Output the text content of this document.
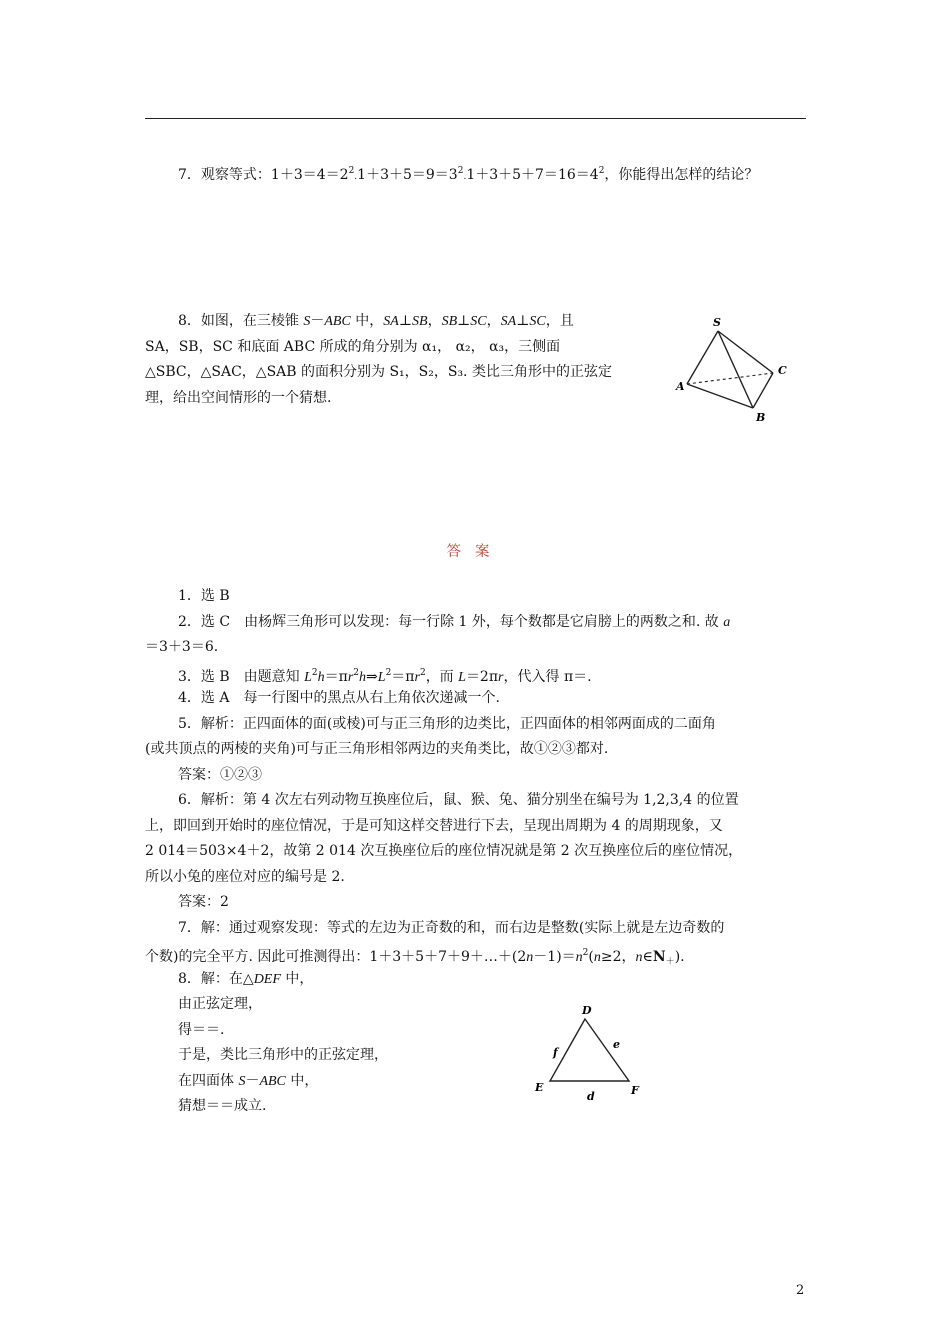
7．观察等式：$1+3=4=2^2.1+3+5=9=3^2.1+3+5+7=16=4^2$，你能得出怎样的结论？
8．如图，在三棱锥 S－ABC 中，SA⊥SB，SB⊥SC，SA⊥SC，且
SA，SB，SC 和底面 ABC 所成的角分别为 α₁， α₂， α₃，三侧面
△SBC，△SAC，△SAB 的面积分别为 S₁，S₂，S₃. 类比三角形中的正弦定
理，给出空间情形的一个猜想.
S
A
B
C
答案
1．选 B
2．选 C　由杨辉三角形可以发现：每一行除 1 外，每个数都是它肩膀上的两数之和. 故 a
＝3＋3＝6.
3．选 B　由题意知 $L^2h=\pi r^2h\Rightarrow L^2=\pi r^2$，而 L＝2πr，代入得 π＝.
4．选 A　每一行图中的黑点从右上角依次递减一个.
5．解析：正四面体的面(或棱)可与正三角形的边类比，正四面体的相邻两面成的二面角
(或共顶点的两棱的夹角)可与正三角形相邻两边的夹角类比，故①②③都对.
答案：①②③
6．解析：第 4 次左右列动物互换座位后，鼠、猴、兔、猫分别坐在编号为 1,2,3,4 的位置
上，即回到开始时的座位情况，于是可知这样交替进行下去，呈现出周期为 4 的周期现象，又
2 014＝503×4＋2，故第 2 014 次互换座位后的座位情况就是第 2 次互换座位后的座位情况，
所以小兔的座位对应的编号是 2.
答案：2
7．解：通过观察发现：等式的左边为正奇数的和，而右边是整数(实际上就是左边奇数的
个数)的完全平方. 因此可推测得出：$1+3+5+7+9+\dots+(2n-1)=n^2(n\ge 2$，$n\in N_+$).
8．解：在△DEF 中，
由正弦定理，
得＝＝.
于是，类比三角形中的正弦定理，
在四面体 S－ABC 中，
猜想＝＝成立.
D
E	F
d
e
f
2
